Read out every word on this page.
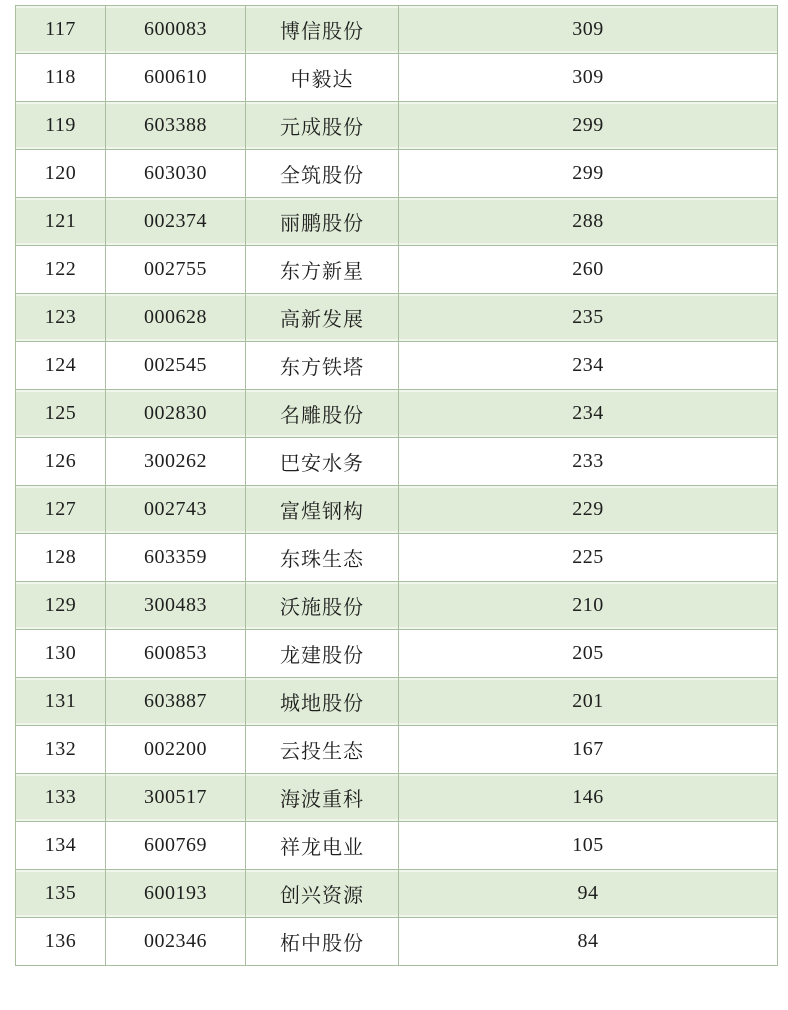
117	600083	博信股份	309
118	600610	中毅达	309
119	603388	元成股份	299
120	603030	全筑股份	299
121	002374	丽鹏股份	288
122	002755	东方新星	260
123	000628	高新发展	235
124	002545	东方铁塔	234
125	002830	名雕股份	234
126	300262	巴安水务	233
127	002743	富煌钢构	229
128	603359	东珠生态	225
129	300483	沃施股份	210
130	600853	龙建股份	205
131	603887	城地股份	201
132	002200	云投生态	167
133	300517	海波重科	146
134	600769	祥龙电业	105
135	600193	创兴资源	94
136	002346	柘中股份	84
